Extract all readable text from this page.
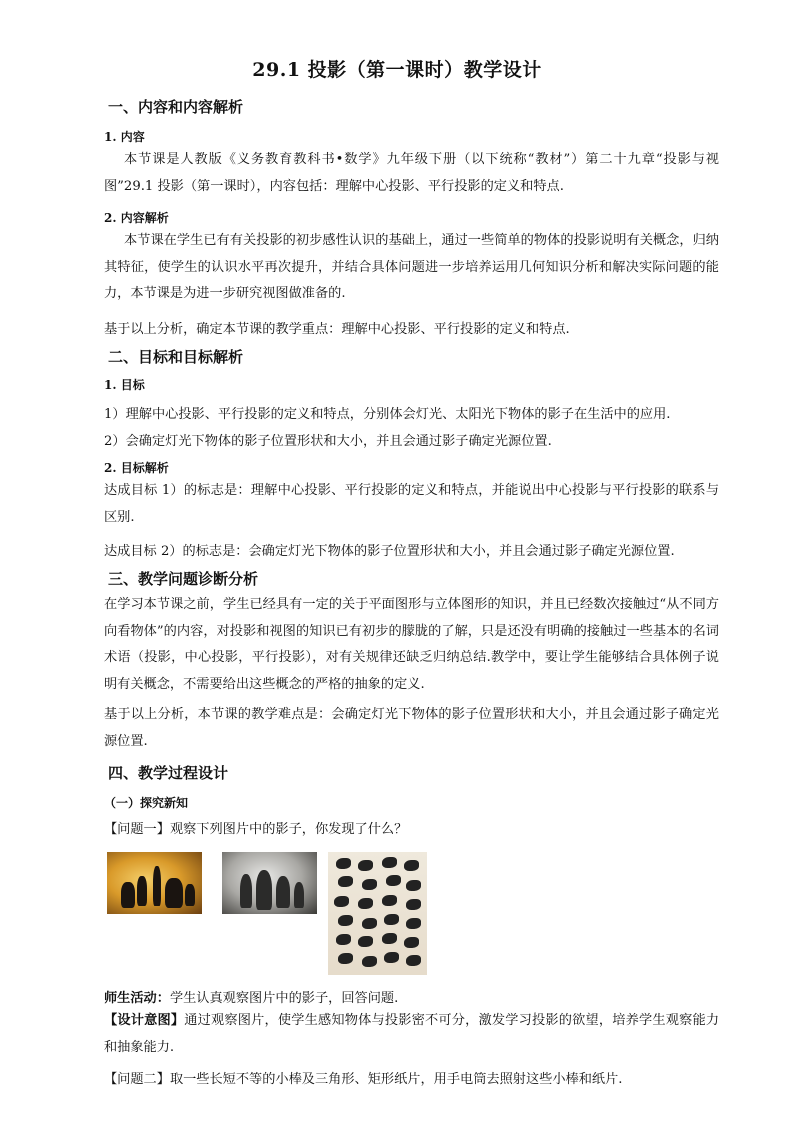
29.1 投影（第一课时）教学设计
一、内容和内容解析
1. 内容
本节课是人教版《义务教育教科书•数学》九年级下册（以下统称“教材”）第二十九章“投影与视图”29.1 投影（第一课时），内容包括：理解中心投影、平行投影的定义和特点.
2. 内容解析
本节课在学生已有有关投影的初步感性认识的基础上，通过一些简单的物体的投影说明有关概念，归纳其特征，使学生的认识水平再次提升，并结合具体问题进一步培养运用几何知识分析和解决实际问题的能力，本节课是为进一步研究视图做准备的.
基于以上分析，确定本节课的教学重点：理解中心投影、平行投影的定义和特点.
二、目标和目标解析
1. 目标
1）理解中心投影、平行投影的定义和特点，分别体会灯光、太阳光下物体的影子在生活中的应用.
2）会确定灯光下物体的影子位置形状和大小，并且会通过影子确定光源位置.
2. 目标解析
达成目标 1）的标志是：理解中心投影、平行投影的定义和特点，并能说出中心投影与平行投影的联系与区别.
达成目标 2）的标志是：会确定灯光下物体的影子位置形状和大小，并且会通过影子确定光源位置.
三、教学问题诊断分析
在学习本节课之前，学生已经具有一定的关于平面图形与立体图形的知识，并且已经数次接触过“从不同方向看物体”的内容，对投影和视图的知识已有初步的朦胧的了解，只是还没有明确的接触过一些基本的名词术语（投影，中心投影，平行投影），对有关规律还缺乏归纳总结.教学中，要让学生能够结合具体例子说明有关概念，不需要给出这些概念的严格的抽象的定义.
基于以上分析，本节课的教学难点是：会确定灯光下物体的影子位置形状和大小，并且会通过影子确定光源位置.
四、教学过程设计
（一）探究新知
【问题一】观察下列图片中的影子，你发现了什么？
师生活动：学生认真观察图片中的影子，回答问题.
【设计意图】通过观察图片，使学生感知物体与投影密不可分，激发学习投影的欲望，培养学生观察能力和抽象能力.
【问题二】取一些长短不等的小棒及三角形、矩形纸片，用手电筒去照射这些小棒和纸片.
